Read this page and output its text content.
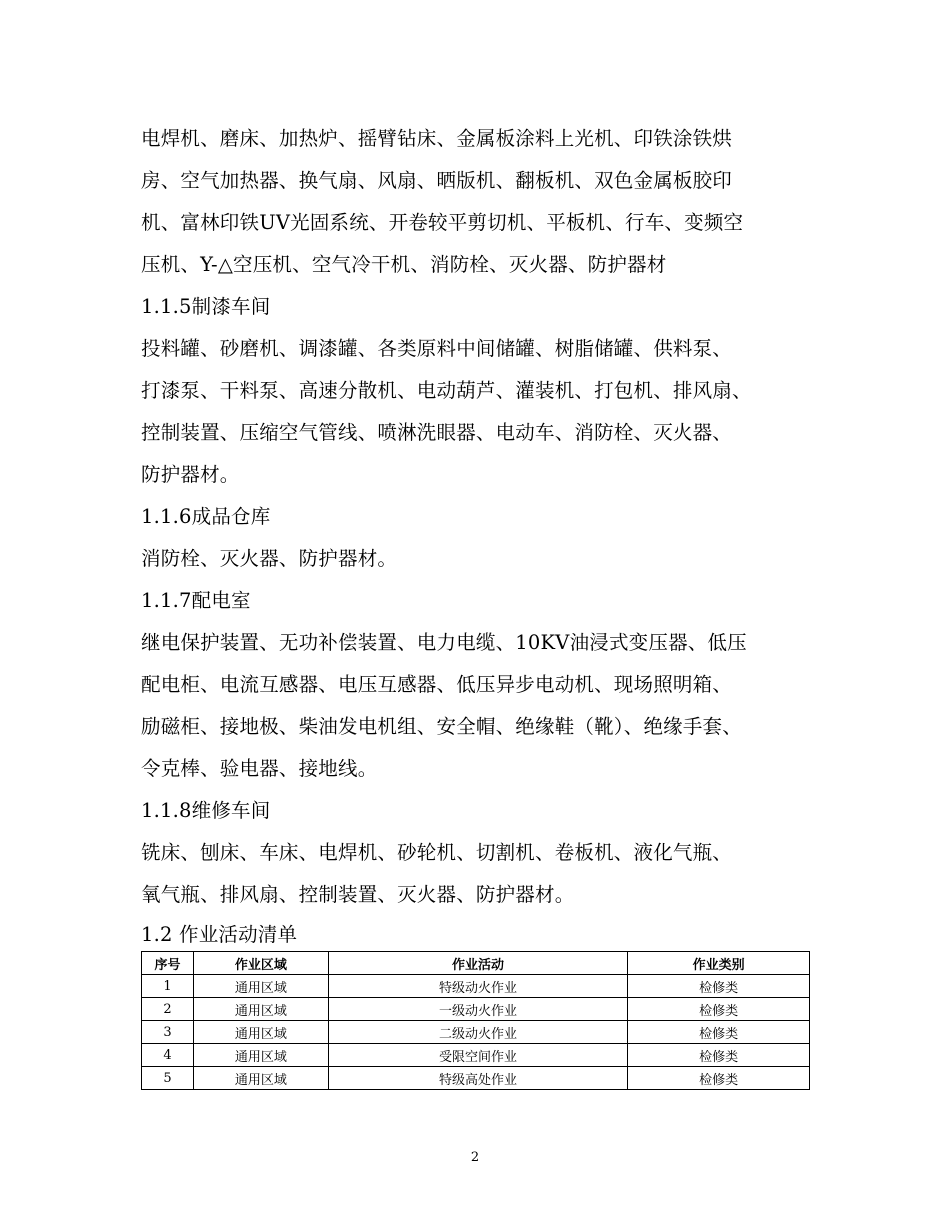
电焊机、磨床、加热炉、摇臂钻床、金属板涂料上光机、印铁涂铁烘
房、空气加热器、换气扇、风扇、晒版机、翻板机、双色金属板胶印
机、富林印铁UV光固系统、开卷较平剪切机、平板机、行车、变频空
压机、Y-△空压机、空气冷干机、消防栓、灭火器、防护器材
1.1.5制漆车间
投料罐、砂磨机、调漆罐、各类原料中间储罐、树脂储罐、供料泵、
打漆泵、干料泵、高速分散机、电动葫芦、灌装机、打包机、排风扇、
控制装置、压缩空气管线、喷淋洗眼器、电动车、消防栓、灭火器、
防护器材。
1.1.6成品仓库
消防栓、灭火器、防护器材。
1.1.7配电室
继电保护装置、无功补偿装置、电力电缆、10KV油浸式变压器、低压
配电柜、电流互感器、电压互感器、低压异步电动机、现场照明箱、
励磁柜、接地极、柴油发电机组、安全帽、绝缘鞋（靴）、绝缘手套、
令克棒、验电器、接地线。
1.1.8维修车间
铣床、刨床、车床、电焊机、砂轮机、切割机、卷板机、液化气瓶、
氧气瓶、排风扇、控制装置、灭火器、防护器材。
1.2 作业活动清单
序号	作业区域	作业活动	作业类别
1	通用区域	特级动火作业	检修类
2	通用区域	一级动火作业	检修类
3	通用区域	二级动火作业	检修类
4	通用区域	受限空间作业	检修类
5	通用区域	特级高处作业	检修类
2
